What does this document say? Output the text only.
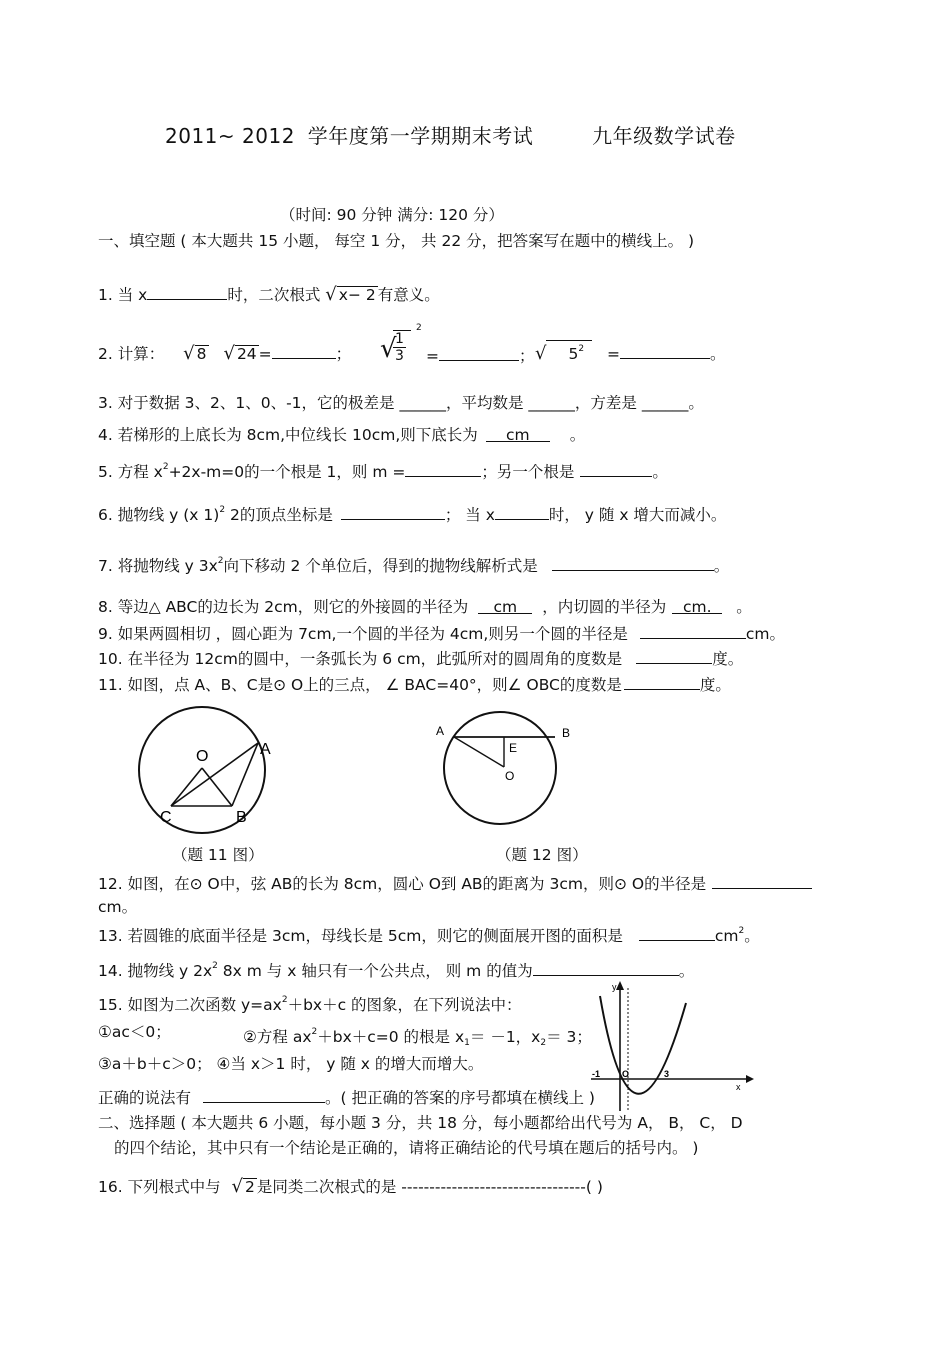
2011~ 2012 学年度第一学期期末考试	九年级数学试卷
（时间: 90 分钟 满分: 120 分）
一、填空题 ( 本大题共 15 小题， 每空 1 分， 共 22 分，把答案写在题中的横线上。 )
1. 当 x	时，二次根式 √ x− 2 有意义。
2. 计算： √ 8 √ 24 =	； √
$\frac{1}{3}$
2
=	； √ $5^2$ =	。
3. 对于数据 3、2、1、0、-1，它的极差是 ______，平均数是 ______，方差是 ______。
4. 若梯形的上底长为 8cm,中位线长 10cm,则下底长为 cm	。
5. 方程 $x^2+2x-m=0$的一个根是 1，则 m =	；另一个根是	。
6. 抛物线 y (x 1)$^2$ 2的顶点坐标是	； 当 x	时， y 随 x 增大而减小。
7. 将抛物线 y $3x^2$向下移动 2 个单位后，得到的抛物线解析式是	。
8. 等边△ ABC的边长为 2cm，则它的外接圆的半径为 cm ，内切圆的半径为 cm. 。
9. 如果两圆相切 ，圆心距为 7cm,一个圆的半径为 4cm,则另一个圆的半径是	cm。
10. 在半径为 12cm的圆中，一条弧长为 6 cm，此弧所对的圆周角的度数是	度。
11. 如图，点 A、B、C是⊙ O上的三点， ∠ BAC=40°，则∠ OBC的度数是	度。
O	A
C	B
（题 11 图）
A	B
E
O
（题 12 图）
12. 如图，在⊙ O中，弦 AB的长为 8cm，圆心 O到 AB的距离为 3cm，则⊙ O的半径是
cm。
13. 若圆锥的底面半径是 3cm，母线长是 5cm，则它的侧面展开图的面积是	$cm^2$。
14. 抛物线 y $2x^2$ 8x m 与 x 轴只有一个公共点， 则 m 的值为	。
15. 如图为二次函数 $y=ax^2+bx+c$ 的图象，在下列说法中：
①ac＜0；	②方程 $ax^2+bx+c=0$ 的根是 $x_1= -1$，$x_2= 3$；
③a＋b＋c＞0； ④当 x＞1 时， y 随 x 的增大而增大。
正确的说法有	。( 把正确的答案的序号都填在横线上 )
y
x
-1 O	3
二、选择题 ( 本大题共 6 小题，每小题 3 分，共 18 分，每小题都给出代号为 A， B， C， D
的四个结论，其中只有一个结论是正确的，请将正确结论的代号填在题后的括号内。 )
16. 下列根式中与 √ 2 是同类二次根式的是 ---------------------------------( )
